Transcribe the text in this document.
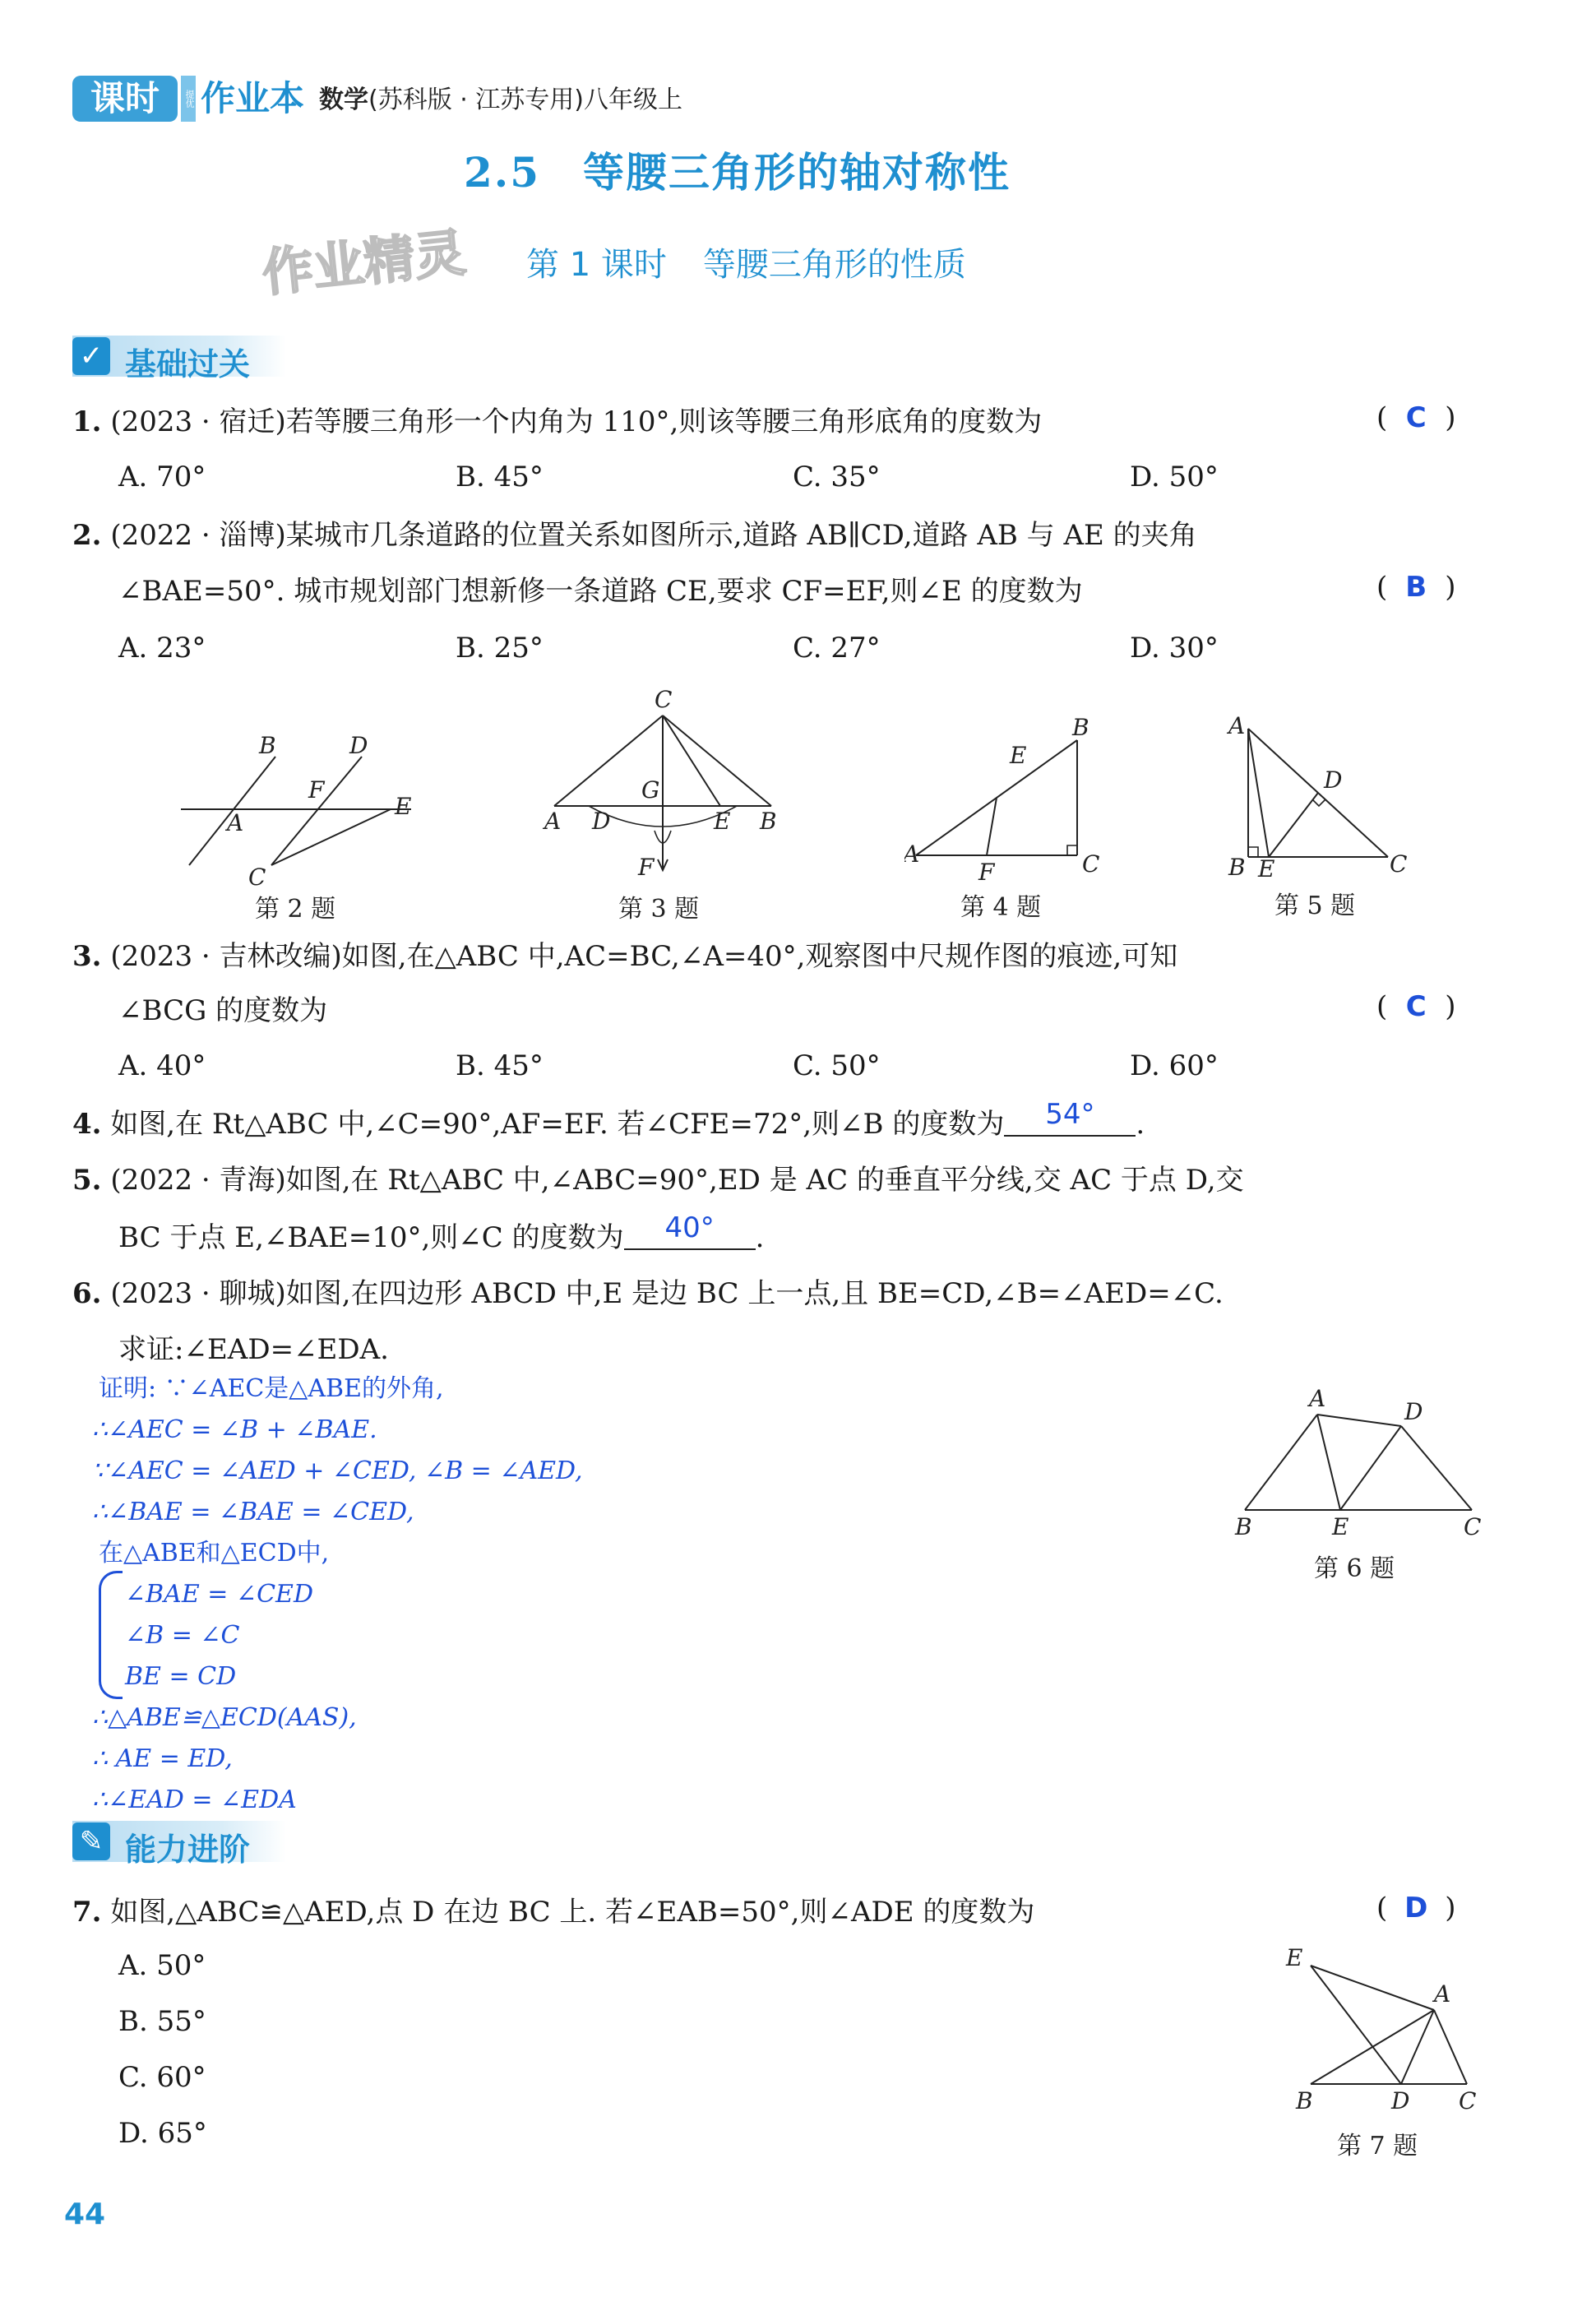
课时	提优 作业本 数学(苏科版 · 江苏专用)八年级上
2.5　等腰三角形的轴对称性
作业精灵 第 1 课时 等腰三角形的性质
✓ 基础过关
1. (2023 · 宿迁)若等腰三角形一个内角为 110°,则该等腰三角形底角的度数为	( C )
A. 70°	B. 45°	C. 35°	D. 50°
2. (2022 · 淄博)某城市几条道路的位置关系如图所示,道路 AB∥CD,道路 AB 与 AE 的夹角
∠BAE=50°. 城市规划部门想新修一条道路 CE,要求 CF=EF,则∠E 的度数为	( B )
A. 23°	B. 25°	C. 27°	D. 30°
B	D
F
E
A
C
第 2 题
C
G
A D	E B
F
第 3 题
B
E
A
F	C
第 4 题
A
D
B E	C
第 5 题
3. (2023 · 吉林改编)如图,在△ABC 中,AC=BC,∠A=40°,观察图中尺规作图的痕迹,可知
∠BCG 的度数为	( C )
A. 40°	B. 45°	C. 50°	D. 60°
4. 如图,在 Rt△ABC 中,∠C=90°,AF=EF. 若∠CFE=72°,则∠B 的度数为 54° .
5. (2022 · 青海)如图,在 Rt△ABC 中,∠ABC=90°,ED 是 AC 的垂直平分线,交 AC 于点 D,交
BC 于点 E,∠BAE=10°,则∠C 的度数为 40° .
6. (2023 · 聊城)如图,在四边形 ABCD 中,E 是边 BC 上一点,且 BE=CD,∠B=∠AED=∠C.
求证:∠EAD=∠EDA.
证明: ∵∠AEC是△ABE的外角,
∴∠AEC = ∠B + ∠BAE.
∵∠AEC = ∠AED + ∠CED, ∠B = ∠AED,
∴∠BAE = ∠BAE = ∠CED,
在△ABE和△ECD中,
∠BAE = ∠CED
∠B = ∠C
BE = CD
∴△ABE≌△ECD(AAS),
∴ AE = ED,
∴∠EAD = ∠EDA
A	D
B	E	C
第 6 题
✎ 能力进阶
7. 如图,△ABC≌△AED,点 D 在边 BC 上. 若∠EAB=50°,则∠ADE 的度数为	( D )
A. 50°
B. 55°
C. 60°
D. 65°
E
A
B	D C
第 7 题
44
